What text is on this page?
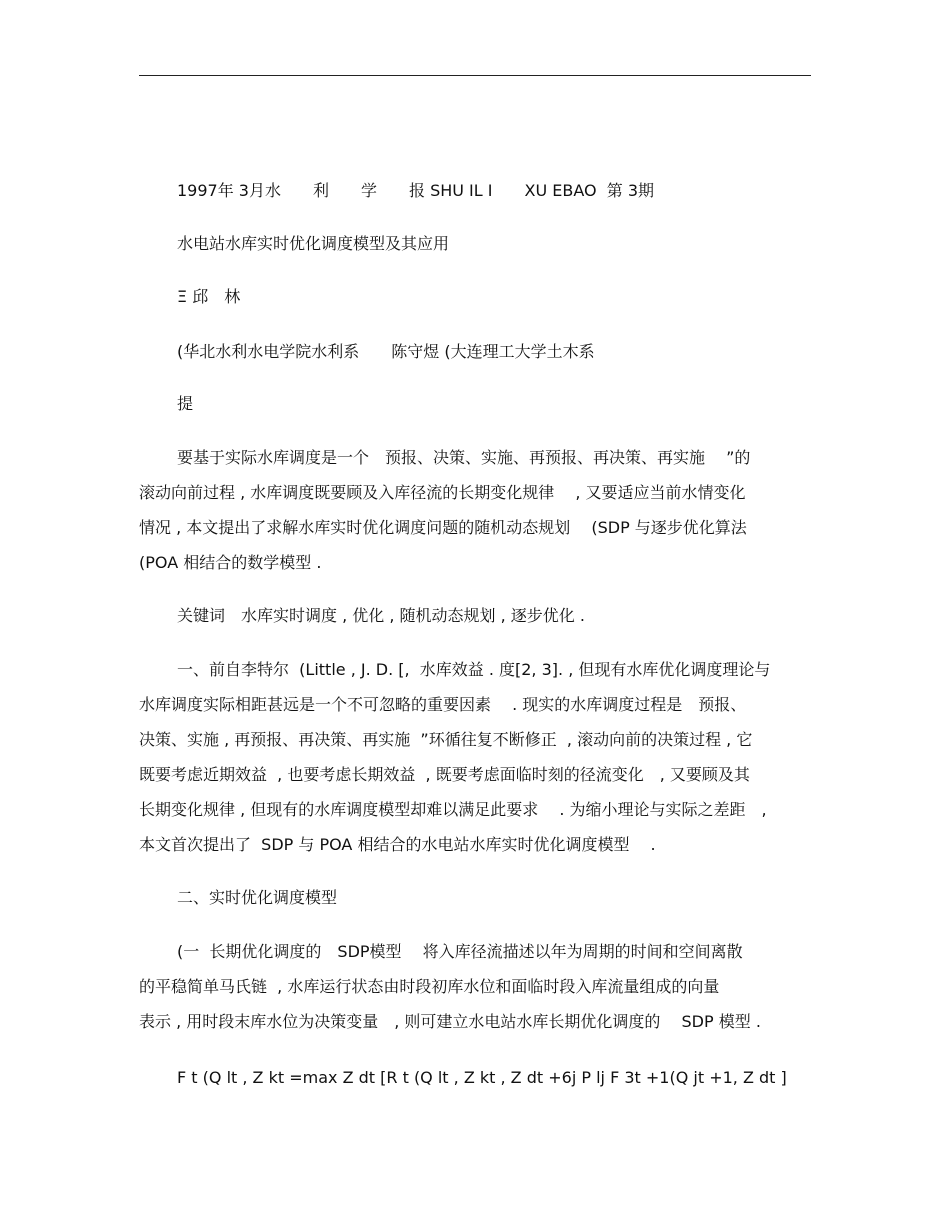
1997年 3月水　　利　　学　　报 SHU IL I　　XU EBAO  第 3期
水电站水库实时优化调度模型及其应用
Ξ 邱　林
(华北水利水电学院水利系　　陈守煜 (大连理工大学土木系
提
要基于实际水库调度是一个　预报、决策、实施、再预报、再决策、再实施　 ”的
滚动向前过程 , 水库调度既要顾及入库径流的长期变化规律　 , 又要适应当前水情变化
情况 , 本文提出了求解水库实时优化调度问题的随机动态规划　 (SDP 与逐步优化算法
(POA 相结合的数学模型 .
关键词　水库实时调度 , 优化 , 随机动态规划 , 逐步优化 .
一、前自李特尔  (Little , J. D. [,  水库效益 . 度[2, 3]. , 但现有水库优化调度理论与
水库调度实际相距甚远是一个不可忽略的重要因素　 . 现实的水库调度过程是　预报、
决策、实施 , 再预报、再决策、再实施  ”环循往复不断修正  , 滚动向前的决策过程 , 它
既要考虑近期效益  , 也要考虑长期效益  , 既要考虑面临时刻的径流变化　, 又要顾及其
长期变化规律 , 但现有的水库调度模型却难以满足此要求　 . 为缩小理论与实际之差距　,
本文首次提出了  SDP 与 POA 相结合的水电站水库实时优化调度模型　 .
二、实时优化调度模型
(一  长期优化调度的　SDP模型　 将入库径流描述以年为周期的时间和空间离散
的平稳简单马氏链  , 水库运行状态由时段初库水位和面临时段入库流量组成的向量
表示 , 用时段末库水位为决策变量　, 则可建立水电站水库长期优化调度的　 SDP 模型 .
F t (Q lt , Z kt =max Z dt [R t (Q lt , Z kt , Z dt +6j P lj F 3t +1(Q jt +1, Z dt ]
